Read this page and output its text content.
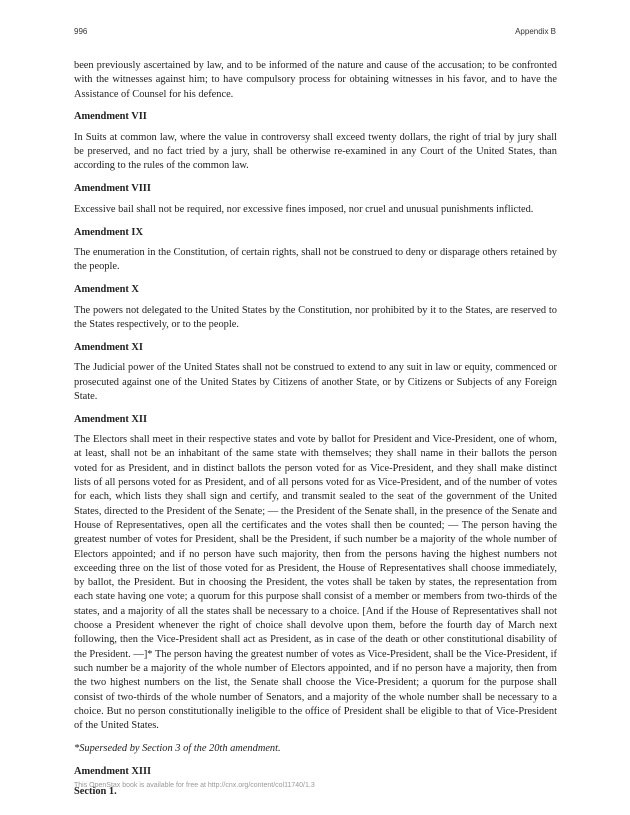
996	Appendix B

been previously ascertained by law, and to be informed of the nature and cause of the accusation; to be confronted with the witnesses against him; to have compulsory process for obtaining witnesses in his favor, and to have the Assistance of Counsel for his defence.

Amendment VII

In Suits at common law, where the value in controversy shall exceed twenty dollars, the right of trial by jury shall be preserved, and no fact tried by a jury, shall be otherwise re-examined in any Court of the United States, than according to the rules of the common law.

Amendment VIII

Excessive bail shall not be required, nor excessive fines imposed, nor cruel and unusual punishments inflicted.

Amendment IX

The enumeration in the Constitution, of certain rights, shall not be construed to deny or disparage others retained by the people.

Amendment X

The powers not delegated to the United States by the Constitution, nor prohibited by it to the States, are reserved to the States respectively, or to the people.

Amendment XI

The Judicial power of the United States shall not be construed to extend to any suit in law or equity, commenced or prosecuted against one of the United States by Citizens of another State, or by Citizens or Subjects of any Foreign State.

Amendment XII

The Electors shall meet in their respective states and vote by ballot for President and Vice-President, one of whom, at least, shall not be an inhabitant of the same state with themselves; they shall name in their ballots the person voted for as President, and in distinct ballots the person voted for as Vice-President, and they shall make distinct lists of all persons voted for as President, and of all persons voted for as Vice-President, and of the number of votes for each, which lists they shall sign and certify, and transmit sealed to the seat of the government of the United States, directed to the President of the Senate; — the President of the Senate shall, in the presence of the Senate and House of Representatives, open all the certificates and the votes shall then be counted; — The person having the greatest number of votes for President, shall be the President, if such number be a majority of the whole number of Electors appointed; and if no person have such majority, then from the persons having the highest numbers not exceeding three on the list of those voted for as President, the House of Representatives shall choose immediately, by ballot, the President. But in choosing the President, the votes shall be taken by states, the representation from each state having one vote; a quorum for this purpose shall consist of a member or members from two-thirds of the states, and a majority of all the states shall be necessary to a choice. [And if the House of Representatives shall not choose a President whenever the right of choice shall devolve upon them, before the fourth day of March next following, then the Vice-President shall act as President, as in case of the death or other constitutional disability of the President. —]* The person having the greatest number of votes as Vice-President, shall be the Vice-President, if such number be a majority of the whole number of Electors appointed, and if no person have a majority, then from the two highest numbers on the list, the Senate shall choose the Vice-President; a quorum for the purpose shall consist of two-thirds of the whole number of Senators, and a majority of the whole number shall be necessary to a choice. But no person constitutionally ineligible to the office of President shall be eligible to that of Vice-President of the United States.

*Superseded by Section 3 of the 20th amendment.

Amendment XIII
Section 1.
This OpenStax book is available for free at http://cnx.org/content/col11740/1.3
